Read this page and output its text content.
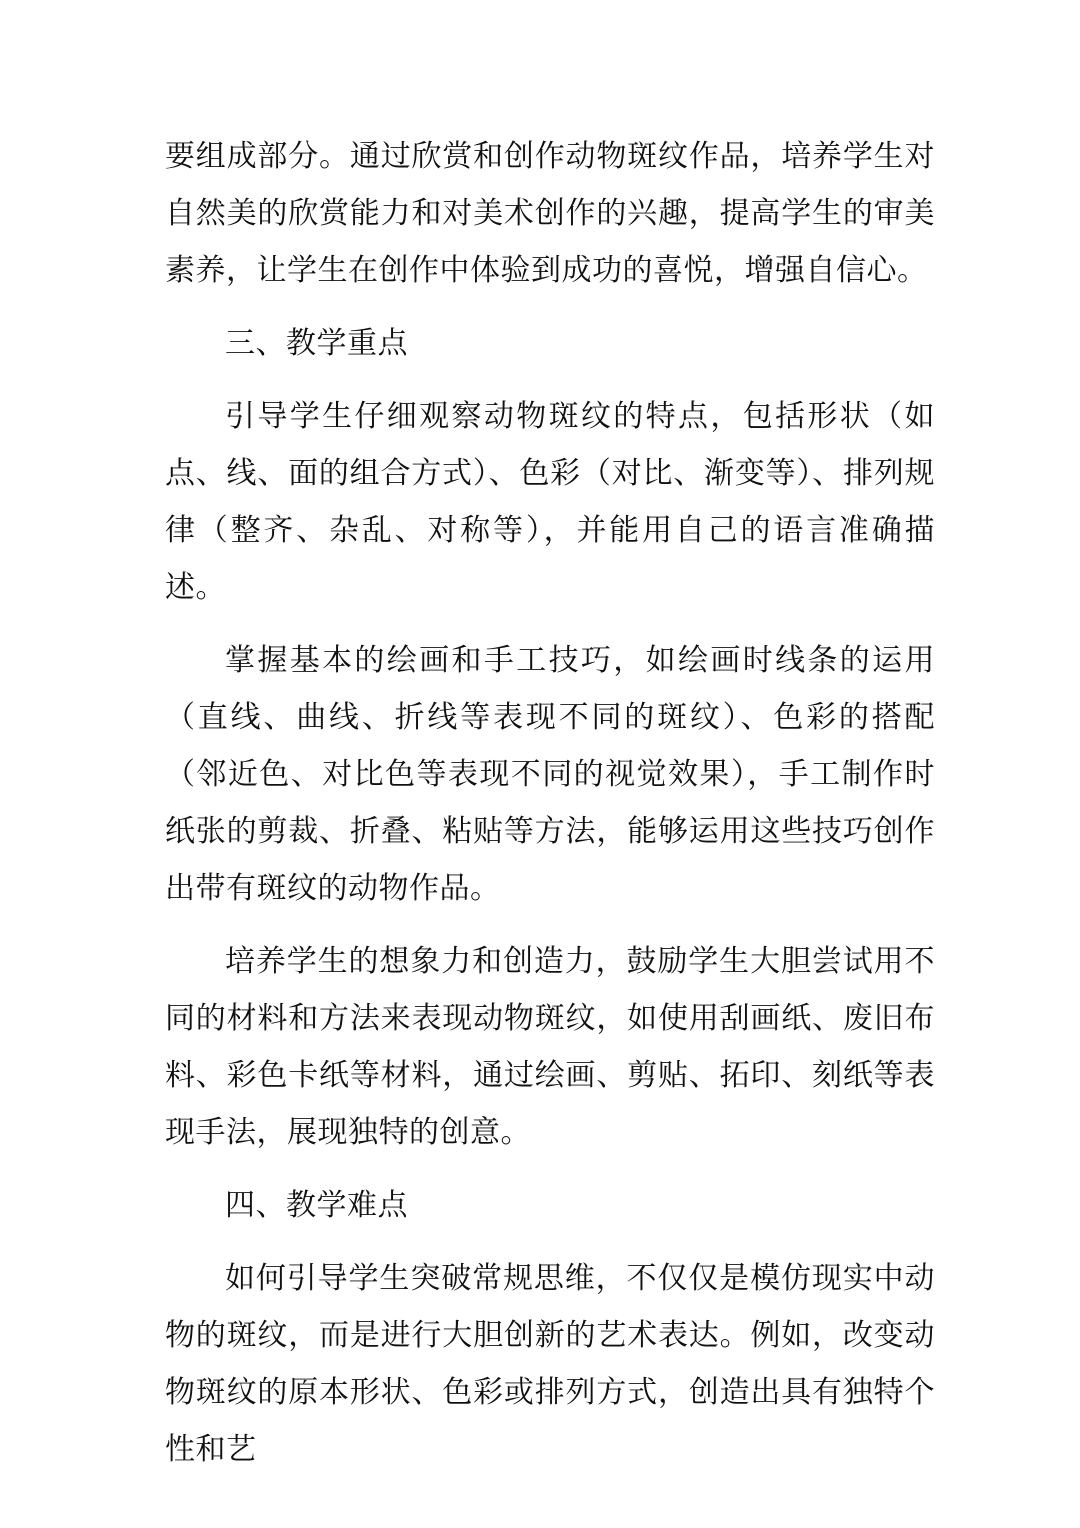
要组成部分。通过欣赏和创作动物斑纹作品，培养学生对自然美的欣赏能力和对美术创作的兴趣，提高学生的审美素养，让学生在创作中体验到成功的喜悦，增强自信心。

三、教学重点

引导学生仔细观察动物斑纹的特点，包括形状（如点、线、面的组合方式）、色彩（对比、渐变等）、排列规律（整齐、杂乱、对称等），并能用自己的语言准确描述。

掌握基本的绘画和手工技巧，如绘画时线条的运用（直线、曲线、折线等表现不同的斑纹）、色彩的搭配（邻近色、对比色等表现不同的视觉效果），手工制作时纸张的剪裁、折叠、粘贴等方法，能够运用这些技巧创作出带有斑纹的动物作品。

培养学生的想象力和创造力，鼓励学生大胆尝试用不同的材料和方法来表现动物斑纹，如使用刮画纸、废旧布料、彩色卡纸等材料，通过绘画、剪贴、拓印、刻纸等表现手法，展现独特的创意。

四、教学难点

如何引导学生突破常规思维，不仅仅是模仿现实中动物的斑纹，而是进行大胆创新的艺术表达。例如，改变动物斑纹的原本形状、色彩或排列方式，创造出具有独特个性和艺
